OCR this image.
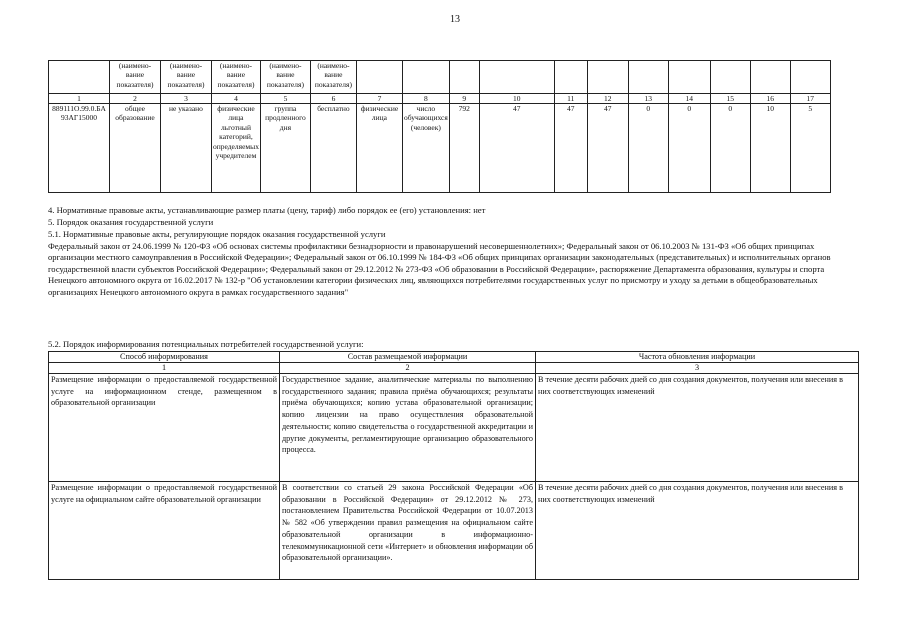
13
	(наимено-вание показателя)	(наимено-вание показателя)	(наимено-вание показателя)	(наимено-вание показателя)	(наимено-вание показателя)											
1	2	3	4	5	6	7	8	9	10	11	12	13	14	15	16	17
889111О.99.0.БА 93АГ15000	общее образование	не указано	физические лица льготный категорий, определяемых учредителем	группа продленного дня	бесплатно	физические лица	число обучающихся (человек)	792	47	47	47	0	0	0	10	5
4. Нормативные правовые акты, устанавливающие размер платы (цену, тариф) либо порядок ее (его) установления: нет
5. Порядок оказания государственной услуги
5.1. Нормативные правовые акты, регулирующие порядок оказания государственной услуги
Федеральный закон от 24.06.1999 № 120-ФЗ «Об основах системы профилактики безнадзорности и правонарушений несовершеннолетних»; Федеральный закон от 06.10.2003 № 131-ФЗ «Об общих принципах организации местного самоуправления в Российской Федерации»; Федеральный закон от 06.10.1999 № 184-ФЗ «Об общих принципах организации законодательных (представительных) и исполнительных органов государственной власти субъектов Российской Федерации»; Федеральный закон от 29.12.2012 № 273-ФЗ «Об образовании в Российской Федерации», распоряжение Департамента образования, культуры и спорта Ненецкого автономного округа от 16.02.2017 № 132-р "Об установлении категории физических лиц, являющихся потребителями государственных услуг по присмотру и уходу за детьми в общеобразовательных организациях Ненецкого автономного округа в рамках государственного задания"
5.2. Порядок информирования потенциальных потребителей государственной услуги:
Способ информирования	Состав размещаемой информации	Частота обновления информации
1	2	3
Размещение информации о предоставляемой государственной услуге на информационном стенде, размещенном в образовательной организации	Государственное задание, аналитические материалы по выполнению государственного задания; правила приёма обучающихся; результаты приёма обучающихся; копию устава образовательной организации; копию лицензии на право осуществления образовательной деятельности; копию свидетельства о государственной аккредитации и другие документы, регламентирующие организацию образовательного процесса.	В течение десяти рабочих дней со дня создания документов, получения или внесения в них соответствующих изменений
Размещение информации о предоставляемой государственной услуге на официальном сайте образовательной организации	В соответствии со статьей 29 закона Российской Федерации «Об образовании в Российской Федерации» от 29.12.2012 № 273, постановлением Правительства Российской Федерации от 10.07.2013 № 582 «Об утверждении правил размещения на официальном сайте образовательной организации в информационно-телекоммуникационной сети «Интернет» и обновления информации об образовательной организации».	В течение десяти рабочих дней со дня создания документов, получения или внесения в них соответствующих изменений
